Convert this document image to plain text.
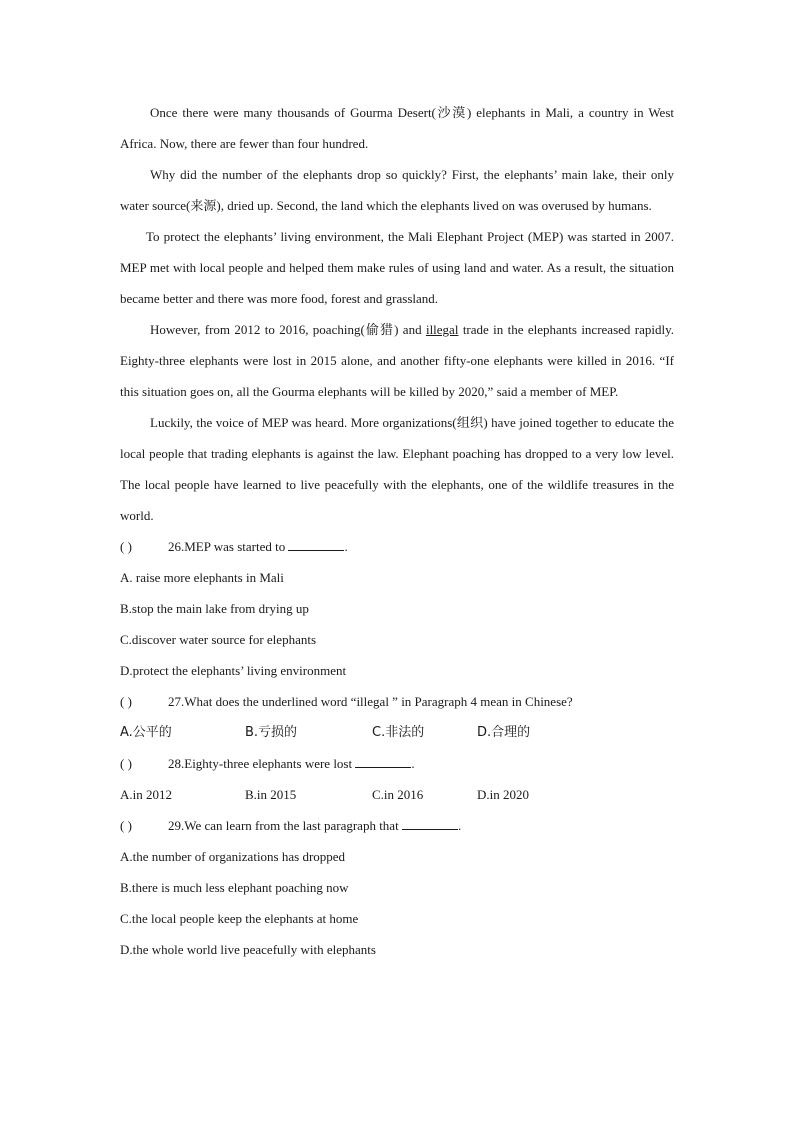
Once there were many thousands of Gourma Desert(沙漠) elephants in Mali, a country in West Africa. Now, there are fewer than four hundred.

Why did the number of the elephants drop so quickly? First, the elephants’ main lake, their only water source(来源), dried up. Second, the land which the elephants lived on was overused by humans.

To protect the elephants’ living environment, the Mali Elephant Project (MEP) was started in 2007. MEP met with local people and helped them make rules of using land and water. As a result, the situation became better and there was more food, forest and grassland.

However, from 2012 to 2016, poaching(偷猎) and illegal trade in the elephants increased rapidly. Eighty-three elephants were lost in 2015 alone, and another fifty-one elephants were killed in 2016. “If this situation goes on, all the Gourma elephants will be killed by 2020,” said a member of MEP.

Luckily, the voice of MEP was heard. More organizations(组织) have joined together to educate the local people that trading elephants is against the law. Elephant poaching has dropped to a very low level. The local people have learned to live peacefully with the elephants, one of the wildlife treasures in the world.

( )	26.MEP was started to	.

A. raise more elephants in Mali

B.stop the main lake from drying up

C.discover water source for elephants

D.protect the elephants’ living environment

( )	27.What does the underlined word “illegal ” in Paragraph 4 mean in Chinese?

A.公平的	B.亏损的	C.非法的	D.合理的

( )	28.Eighty-three elephants were lost	.

A.in 2012	B.in 2015	C.in 2016	D.in 2020

( )	29.We can learn from the last paragraph that	.

A.the number of organizations has dropped

B.there is much less elephant poaching now

C.the local people keep the elephants at home

D.the whole world live peacefully with elephants
